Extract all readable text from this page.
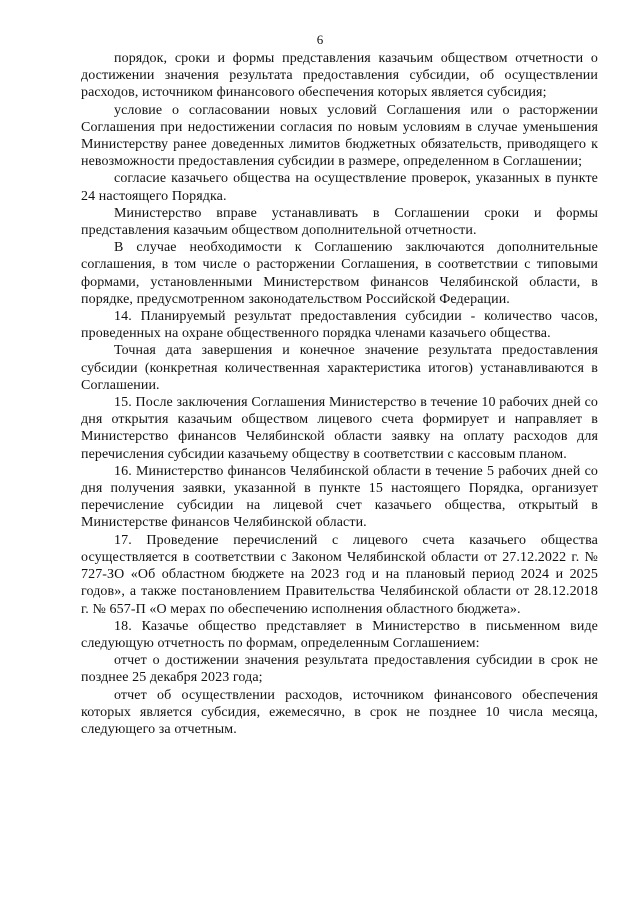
6

порядок, сроки и формы представления казачьим обществом отчетности о достижении значения результата предоставления субсидии, об осуществлении расходов, источником финансового обеспечения которых является субсидия;

условие о согласовании новых условий Соглашения или о расторжении Соглашения при недостижении согласия по новым условиям в случае уменьшения Министерству ранее доведенных лимитов бюджетных обязательств, приводящего к невозможности предоставления субсидии в размере, определенном в Соглашении;

согласие казачьего общества на осуществление проверок, указанных в пункте 24 настоящего Порядка.

Министерство вправе устанавливать в Соглашении сроки и формы представления казачьим обществом дополнительной отчетности.

В случае необходимости к Соглашению заключаются дополнительные соглашения, в том числе о расторжении Соглашения, в соответствии с типовыми формами, установленными Министерством финансов Челябинской области, в порядке, предусмотренном законодательством Российской Федерации.

14. Планируемый результат предоставления субсидии - количество часов, проведенных на охране общественного порядка членами казачьего общества.

Точная дата завершения и конечное значение результата предоставления субсидии (конкретная количественная характеристика итогов) устанавливаются в Соглашении.

15. После заключения Соглашения Министерство в течение 10 рабочих дней со дня открытия казачьим обществом лицевого счета формирует и направляет в Министерство финансов Челябинской области заявку на оплату расходов для перечисления субсидии казачьему обществу в соответствии с кассовым планом.

16. Министерство финансов Челябинской области в течение 5 рабочих дней со дня получения заявки, указанной в пункте 15 настоящего Порядка, организует перечисление субсидии на лицевой счет казачьего общества, открытый в Министерстве финансов Челябинской области.

17. Проведение перечислений с лицевого счета казачьего общества осуществляется в соответствии с Законом Челябинской области от 27.12.2022 г. № 727-ЗО «Об областном бюджете на 2023 год и на плановый период 2024 и 2025 годов», а также постановлением Правительства Челябинской области от 28.12.2018 г. № 657-П «О мерах по обеспечению исполнения областного бюджета».

18. Казачье общество представляет в Министерство в письменном виде следующую отчетность по формам, определенным Соглашением:

отчет о достижении значения результата предоставления субсидии в срок не позднее 25 декабря 2023 года;

отчет об осуществлении расходов, источником финансового обеспечения которых является субсидия, ежемесячно, в срок не позднее 10 числа месяца, следующего за отчетным.
